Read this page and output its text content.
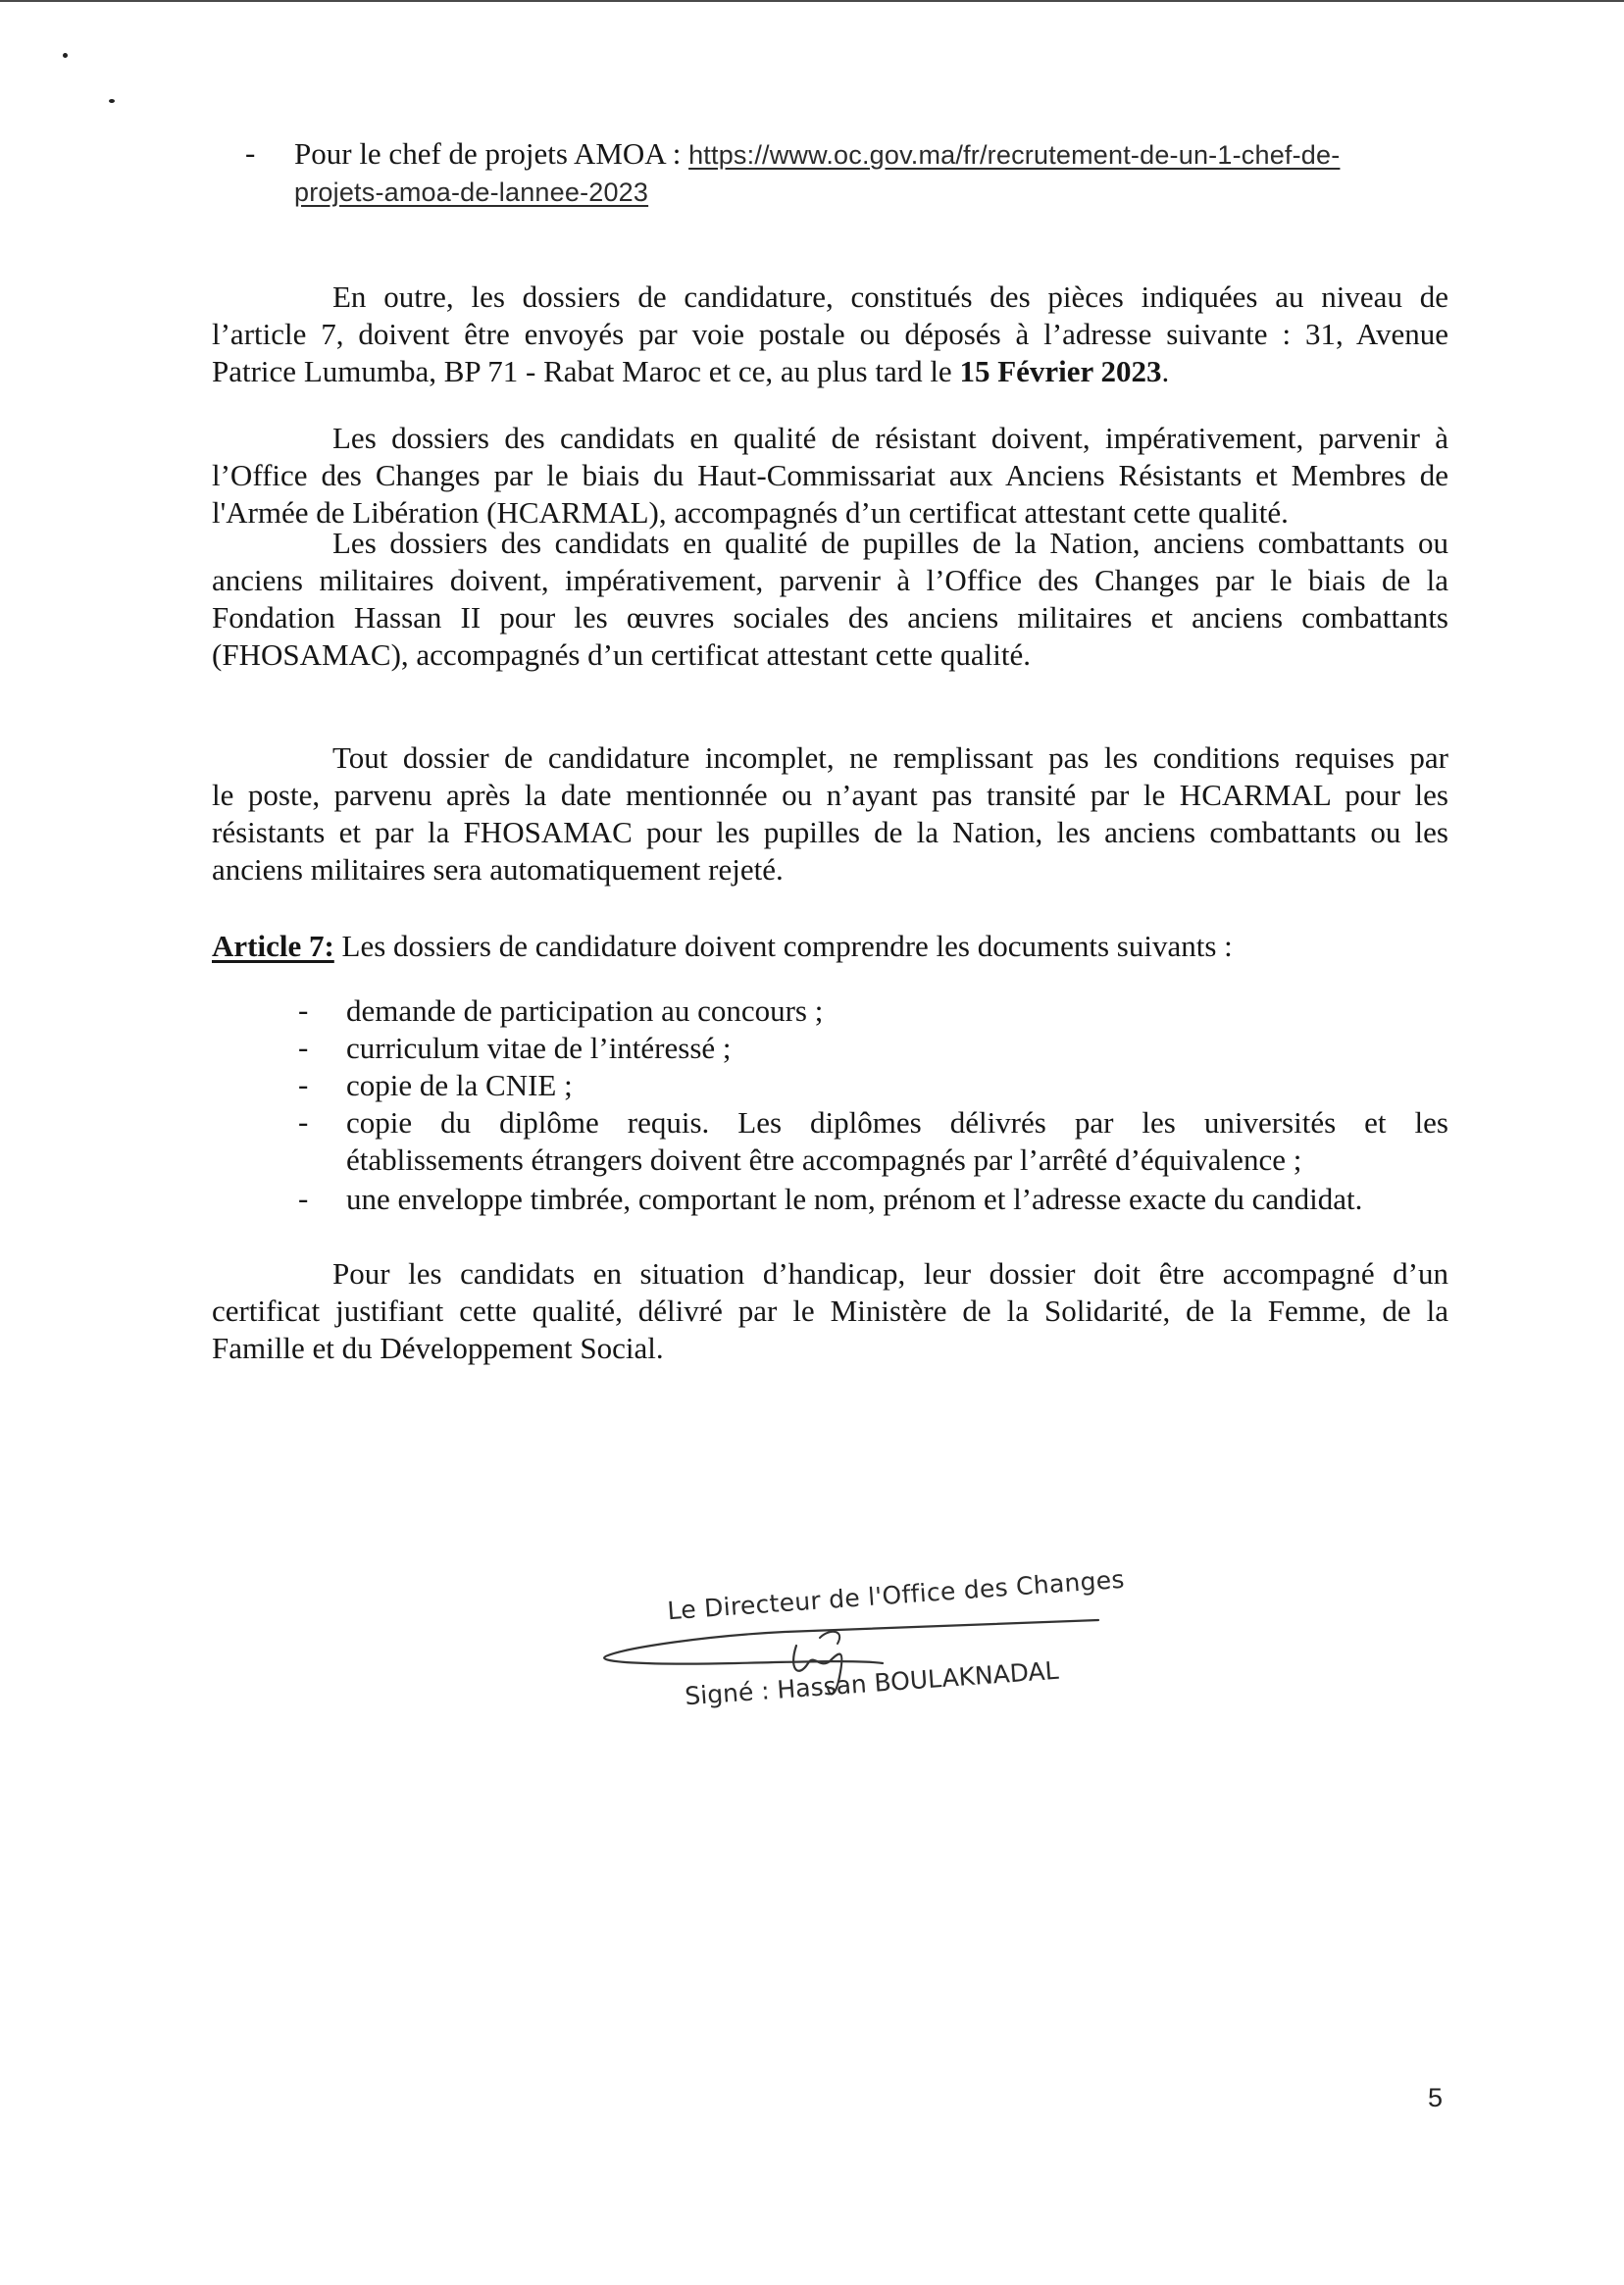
- Pour le chef de projets AMOA : https://www.oc.gov.ma/fr/recrutement-de-un-1-chef-de-
projets-amoa-de-lannee-2023
En outre, les dossiers de candidature, constitués des pièces indiquées au niveau de
l’article 7, doivent être envoyés par voie postale ou déposés à l’adresse suivante : 31, Avenue
Patrice Lumumba, BP 71 - Rabat Maroc et ce, au plus tard le 15 Février 2023.
Les dossiers des candidats en qualité de résistant doivent, impérativement, parvenir à
l’Office des Changes par le biais du Haut-Commissariat aux Anciens Résistants et Membres de
l'Armée de Libération (HCARMAL), accompagnés d’un certificat attestant cette qualité.
Les dossiers des candidats en qualité de pupilles de la Nation, anciens combattants ou
anciens militaires doivent, impérativement, parvenir à l’Office des Changes par le biais de la
Fondation Hassan II pour les œuvres sociales des anciens militaires et anciens combattants
(FHOSAMAC), accompagnés d’un certificat attestant cette qualité.
Tout dossier de candidature incomplet, ne remplissant pas les conditions requises par
le poste, parvenu après la date mentionnée ou n’ayant pas transité par le HCARMAL pour les
résistants et par la FHOSAMAC pour les pupilles de la Nation, les anciens combattants ou les
anciens militaires sera automatiquement rejeté.
Article 7: Les dossiers de candidature doivent comprendre les documents suivants :
- demande de participation au concours ;
- curriculum vitae de l’intéressé ;
- copie de la CNIE ;
- copie du diplôme requis. Les diplômes délivrés par les universités et les
établissements étrangers doivent être accompagnés par l’arrêté d’équivalence ;
- une enveloppe timbrée, comportant le nom, prénom et l’adresse exacte du candidat.
Pour les candidats en situation d’handicap, leur dossier doit être accompagné d’un
certificat justifiant cette qualité, délivré par le Ministère de la Solidarité, de la Femme, de la
Famille et du Développement Social.
Le Directeur de l'Office des Changes
Signé : Hassan BOULAKNADAL
5
